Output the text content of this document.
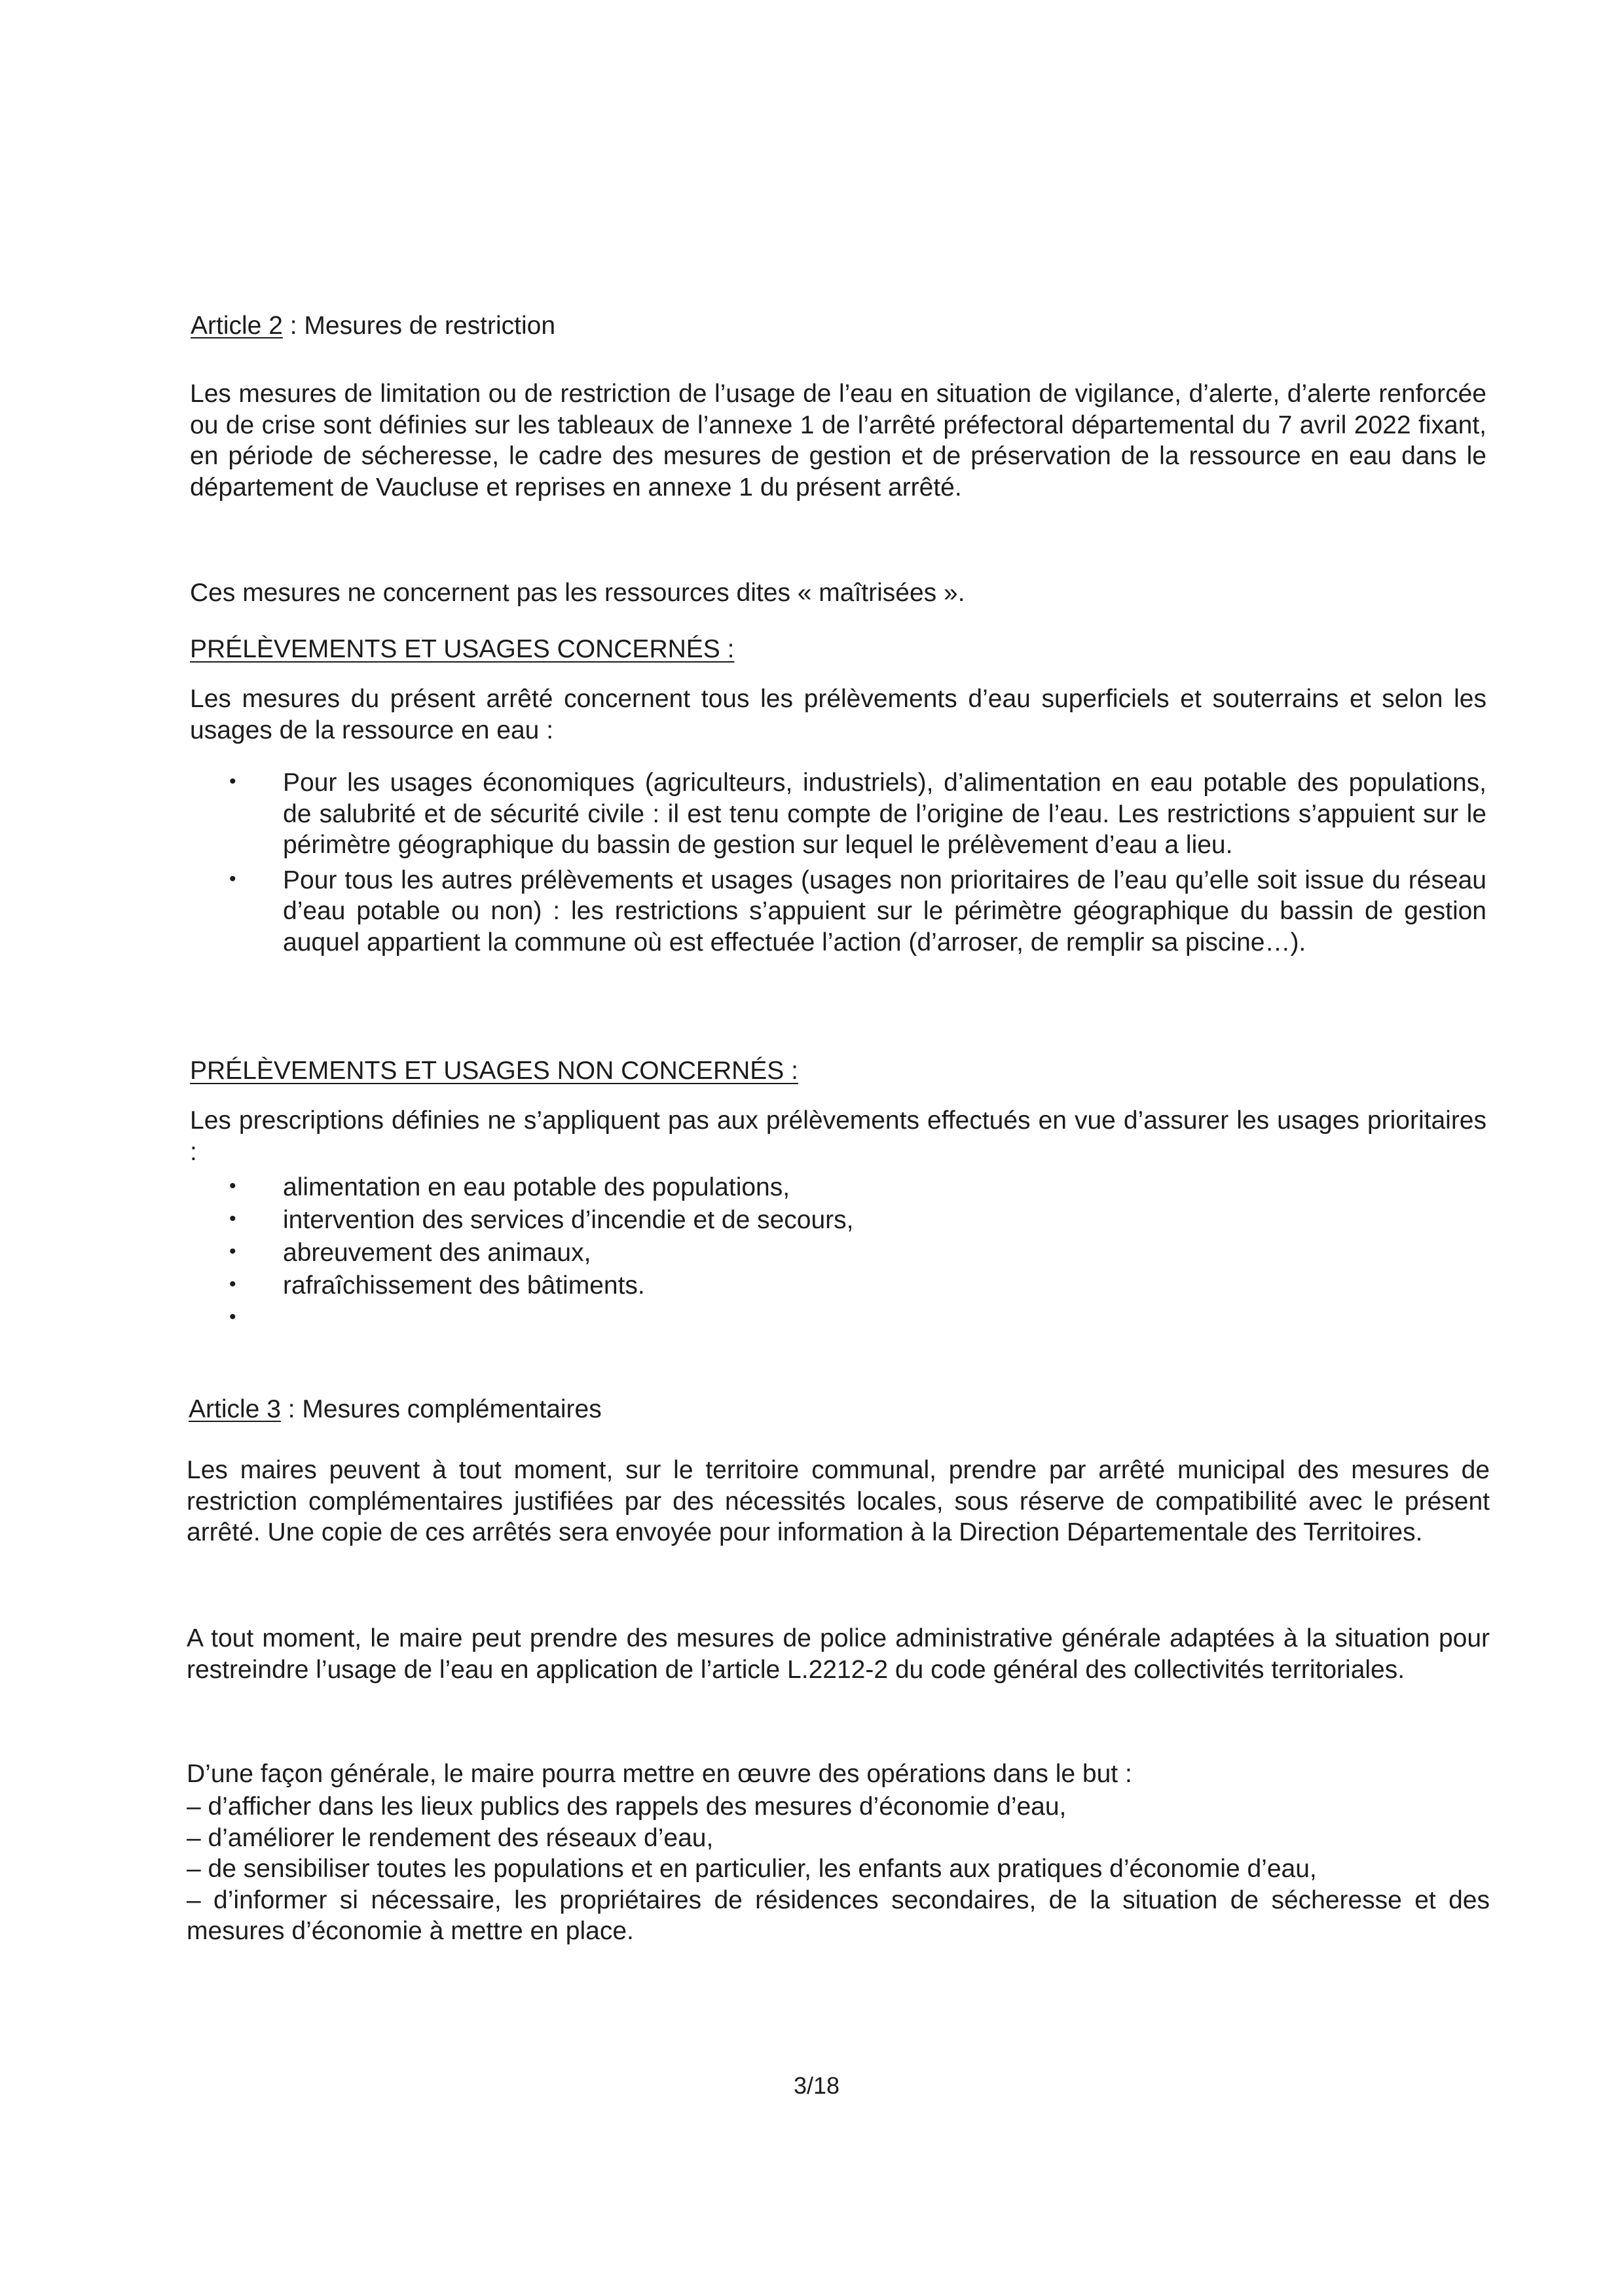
Article 2 : Mesures de restriction
Les mesures de limitation ou de restriction de l’usage de l’eau en situation de vigilance, d’alerte, d’alerte renforcée ou de crise sont définies sur les tableaux de l’annexe 1 de l’arrêté préfectoral départemental du 7 avril 2022 fixant, en période de sécheresse, le cadre des mesures de gestion et de préservation de la ressource en eau dans le département de Vaucluse et reprises en annexe 1 du présent arrêté.
Ces mesures ne concernent pas les ressources dites « maîtrisées ».
PRÉLÈVEMENTS ET USAGES CONCERNÉS :
Les mesures du présent arrêté concernent tous les prélèvements d’eau superficiels et souterrains et selon les usages de la ressource en eau :
• Pour les usages économiques (agriculteurs, industriels), d’alimentation en eau potable des populations, de salubrité et de sécurité civile : il est tenu compte de l’origine de l’eau. Les restrictions s’appuient sur le périmètre géographique du bassin de gestion sur lequel le prélèvement d’eau a lieu.
• Pour tous les autres prélèvements et usages (usages non prioritaires de l’eau qu’elle soit issue du réseau d’eau potable ou non) : les restrictions s’appuient sur le périmètre géographique du bassin de gestion auquel appartient la commune où est effectuée l’action (d’arroser, de remplir sa piscine…).
PRÉLÈVEMENTS ET USAGES NON CONCERNÉS :
Les prescriptions définies ne s’appliquent pas aux prélèvements effectués en vue d’assurer les usages prioritaires :
• alimentation en eau potable des populations,
• intervention des services d’incendie et de secours,
• abreuvement des animaux,
• rafraîchissement des bâtiments.
•
Article 3 : Mesures complémentaires
Les maires peuvent à tout moment, sur le territoire communal, prendre par arrêté municipal des mesures de restriction complémentaires justifiées par des nécessités locales, sous réserve de compatibilité avec le présent arrêté. Une copie de ces arrêtés sera envoyée pour information à la Direction Départementale des Territoires.
A tout moment, le maire peut prendre des mesures de police administrative générale adaptées à la situation pour restreindre l’usage de l’eau en application de l’article L.2212-2 du code général des collectivités territoriales.
D’une façon générale, le maire pourra mettre en œuvre des opérations dans le but :
– d’afficher dans les lieux publics des rappels des mesures d’économie d’eau,
– d’améliorer le rendement des réseaux d’eau,
– de sensibiliser toutes les populations et en particulier, les enfants aux pratiques d’économie d’eau,
– d’informer si nécessaire, les propriétaires de résidences secondaires, de la situation de sécheresse et des mesures d’économie à mettre en place.
3/18
